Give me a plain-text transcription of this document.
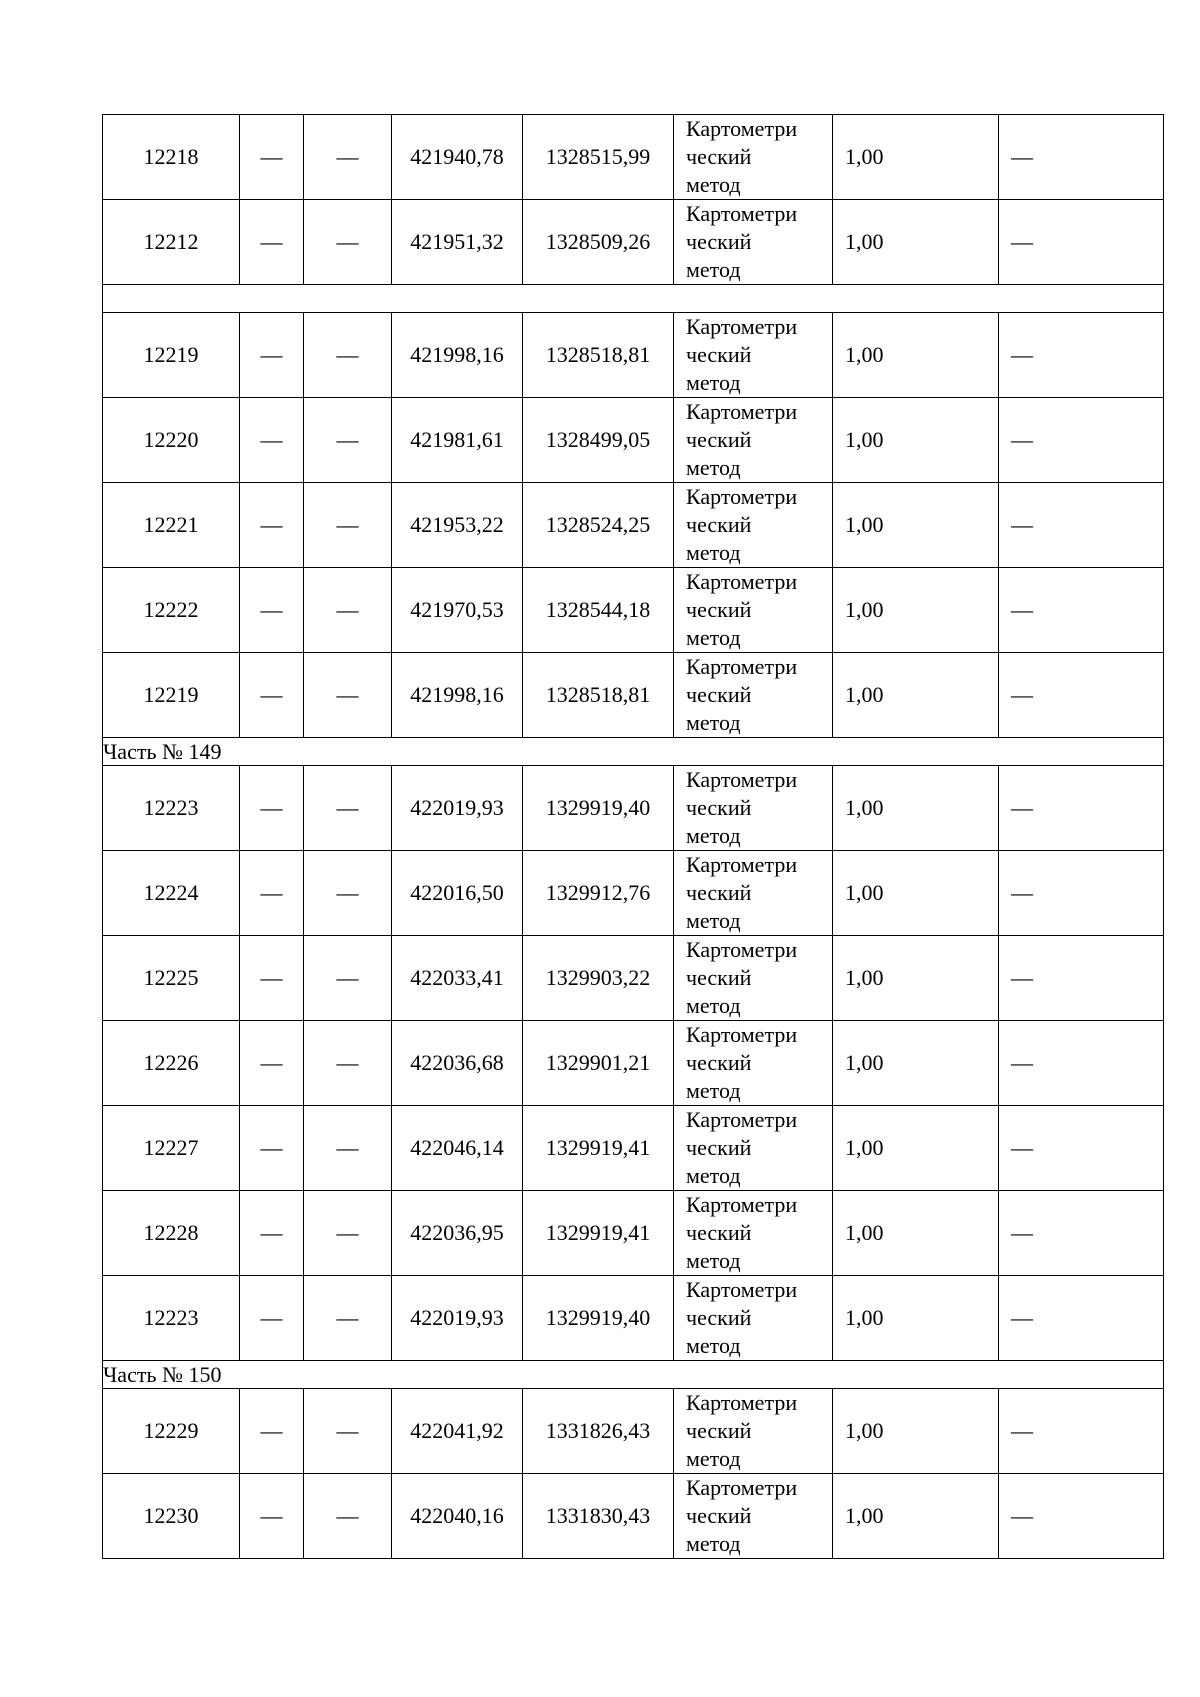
12218	—	—	421940,78	1328515,99	Картометри
ческий
метод	1,00	—
12212	—	—	421951,32	1328509,26	Картометри
ческий
метод	1,00	—

12219	—	—	421998,16	1328518,81	Картометри
ческий
метод	1,00	—
12220	—	—	421981,61	1328499,05	Картометри
ческий
метод	1,00	—
12221	—	—	421953,22	1328524,25	Картометри
ческий
метод	1,00	—
12222	—	—	421970,53	1328544,18	Картометри
ческий
метод	1,00	—
12219	—	—	421998,16	1328518,81	Картометри
ческий
метод	1,00	—
Часть № 149							
12223	—	—	422019,93	1329919,40	Картометри
ческий
метод	1,00	—
12224	—	—	422016,50	1329912,76	Картометри
ческий
метод	1,00	—
12225	—	—	422033,41	1329903,22	Картометри
ческий
метод	1,00	—
12226	—	—	422036,68	1329901,21	Картометри
ческий
метод	1,00	—
12227	—	—	422046,14	1329919,41	Картометри
ческий
метод	1,00	—
12228	—	—	422036,95	1329919,41	Картометри
ческий
метод	1,00	—
12223	—	—	422019,93	1329919,40	Картометри
ческий
метод	1,00	—
Часть № 150							
12229	—	—	422041,92	1331826,43	Картометри
ческий
метод	1,00	—
12230	—	—	422040,16	1331830,43	Картометри
ческий
метод	1,00	—
